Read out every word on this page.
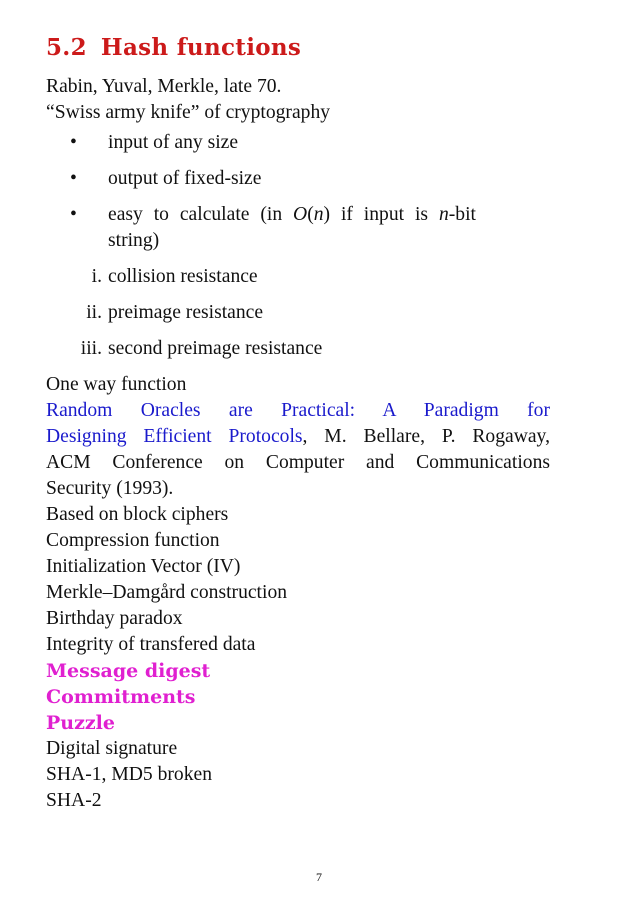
5.2 Hash functions
Rabin, Yuval, Merkle, late 70.
“Swiss army knife” of cryptography
• input of any size
• output of fixed-size
• easy to calculate (in O(n) if input is n-bit
string)
i. collision resistance
ii. preimage resistance
iii. second preimage resistance
One way function
Random Oracles are Practical: A Paradigm for
Designing Efficient Protocols, M. Bellare, P. Rogaway,
ACM Conference on Computer and Communications
Security (1993).
Based on block ciphers
Compression function
Initialization Vector (IV)
Merkle–Damgård construction
Birthday paradox
Integrity of transfered data
Message digest
Commitments
Puzzle
Digital signature
SHA-1, MD5 broken
SHA-2
7
